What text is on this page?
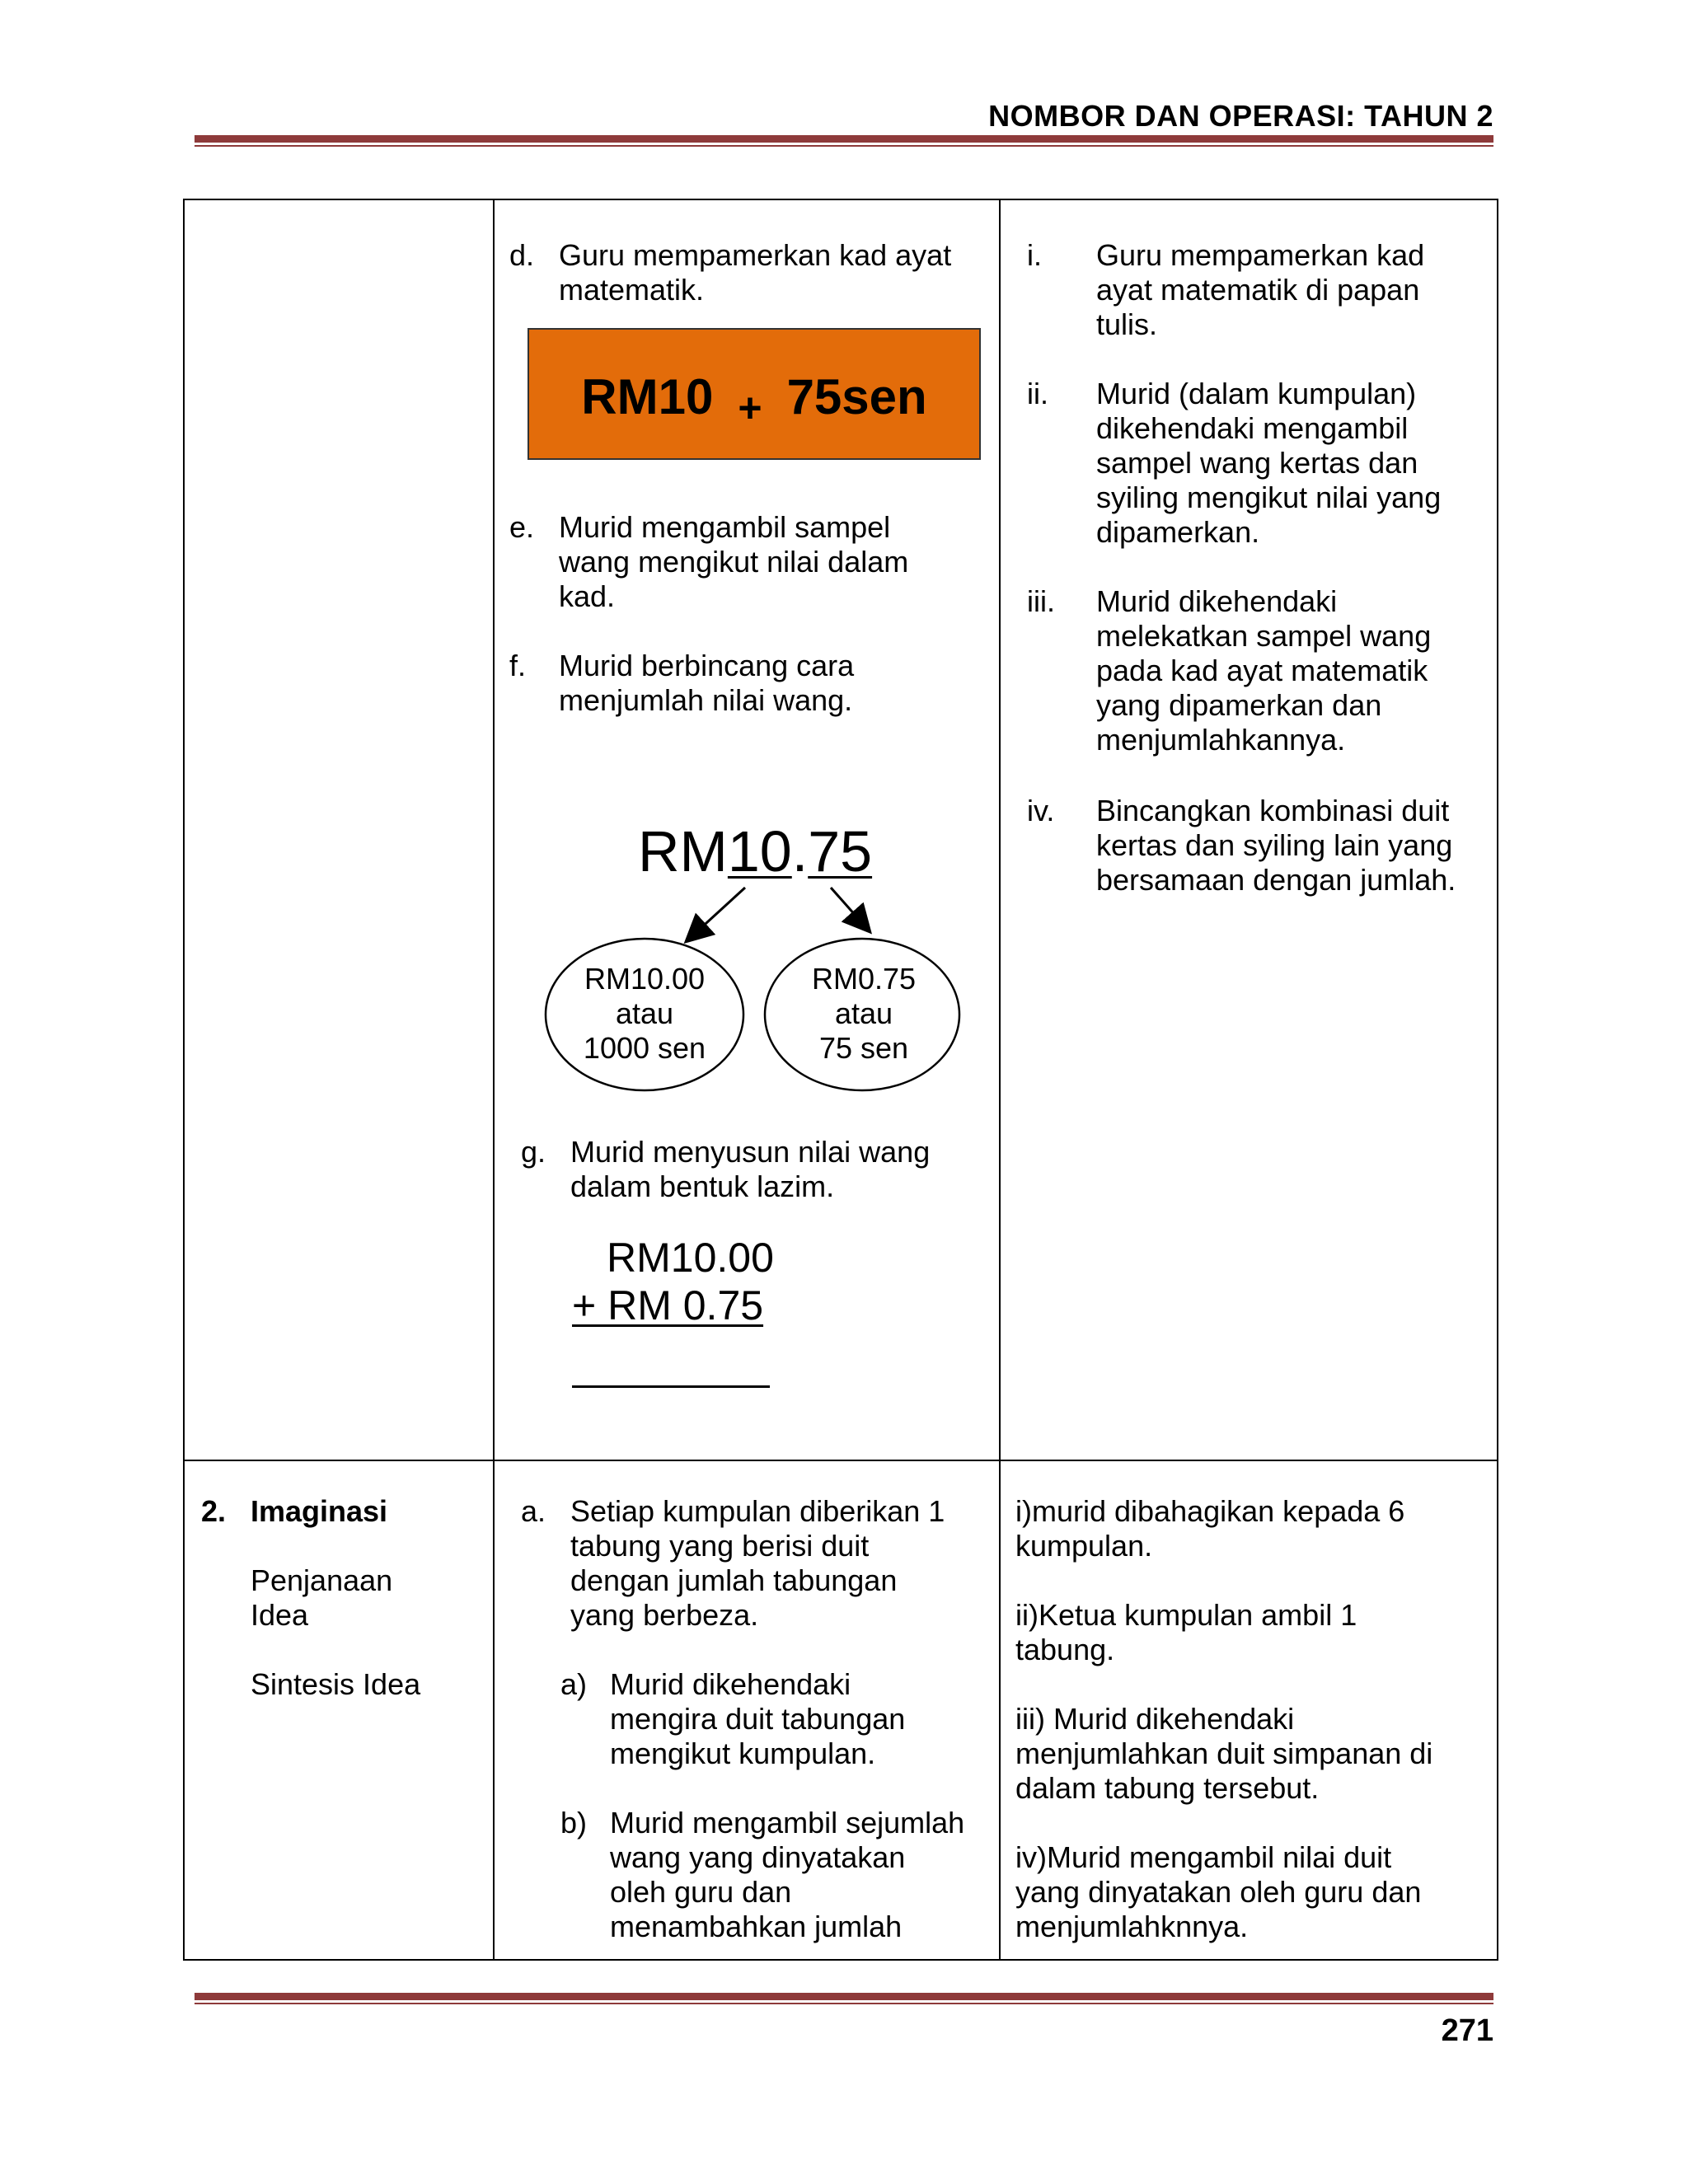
NOMBOR DAN OPERASI: TAHUN 2
d. Guru mempamerkan kad ayat
matematik.
RM10 + 75sen
e. Murid mengambil sampel
wang mengikut nilai dalam
kad.
f. Murid berbincang cara
menjumlah nilai wang.
RM10.75
RM10.00
atau
1000 sen
RM0.75
atau
75 sen
g. Murid menyusun nilai wang
dalam bentuk lazim.
RM10.00
+ RM 0.75
i. Guru mempamerkan kad
ayat matematik di papan
tulis.
ii. Murid (dalam kumpulan)
dikehendaki mengambil
sampel wang kertas dan
syiling mengikut nilai yang
dipamerkan.
iii. Murid dikehendaki
melekatkan sampel wang
pada kad ayat matematik
yang dipamerkan dan
menjumlahkannya.
iv. Bincangkan kombinasi duit
kertas dan syiling lain yang
bersamaan dengan jumlah.
2. Imaginasi
Penjanaan
Idea
Sintesis Idea
a. Setiap kumpulan diberikan 1
tabung yang berisi duit
dengan jumlah tabungan
yang berbeza.
a) Murid dikehendaki
mengira duit tabungan
mengikut kumpulan.
b) Murid mengambil sejumlah
wang yang dinyatakan
oleh guru dan
menambahkan jumlah
i)murid dibahagikan kepada 6
kumpulan.
ii)Ketua kumpulan ambil 1
tabung.
iii) Murid dikehendaki
menjumlahkan duit simpanan di
dalam tabung tersebut.
iv)Murid mengambil nilai duit
yang dinyatakan oleh guru dan
menjumlahknnya.
271
